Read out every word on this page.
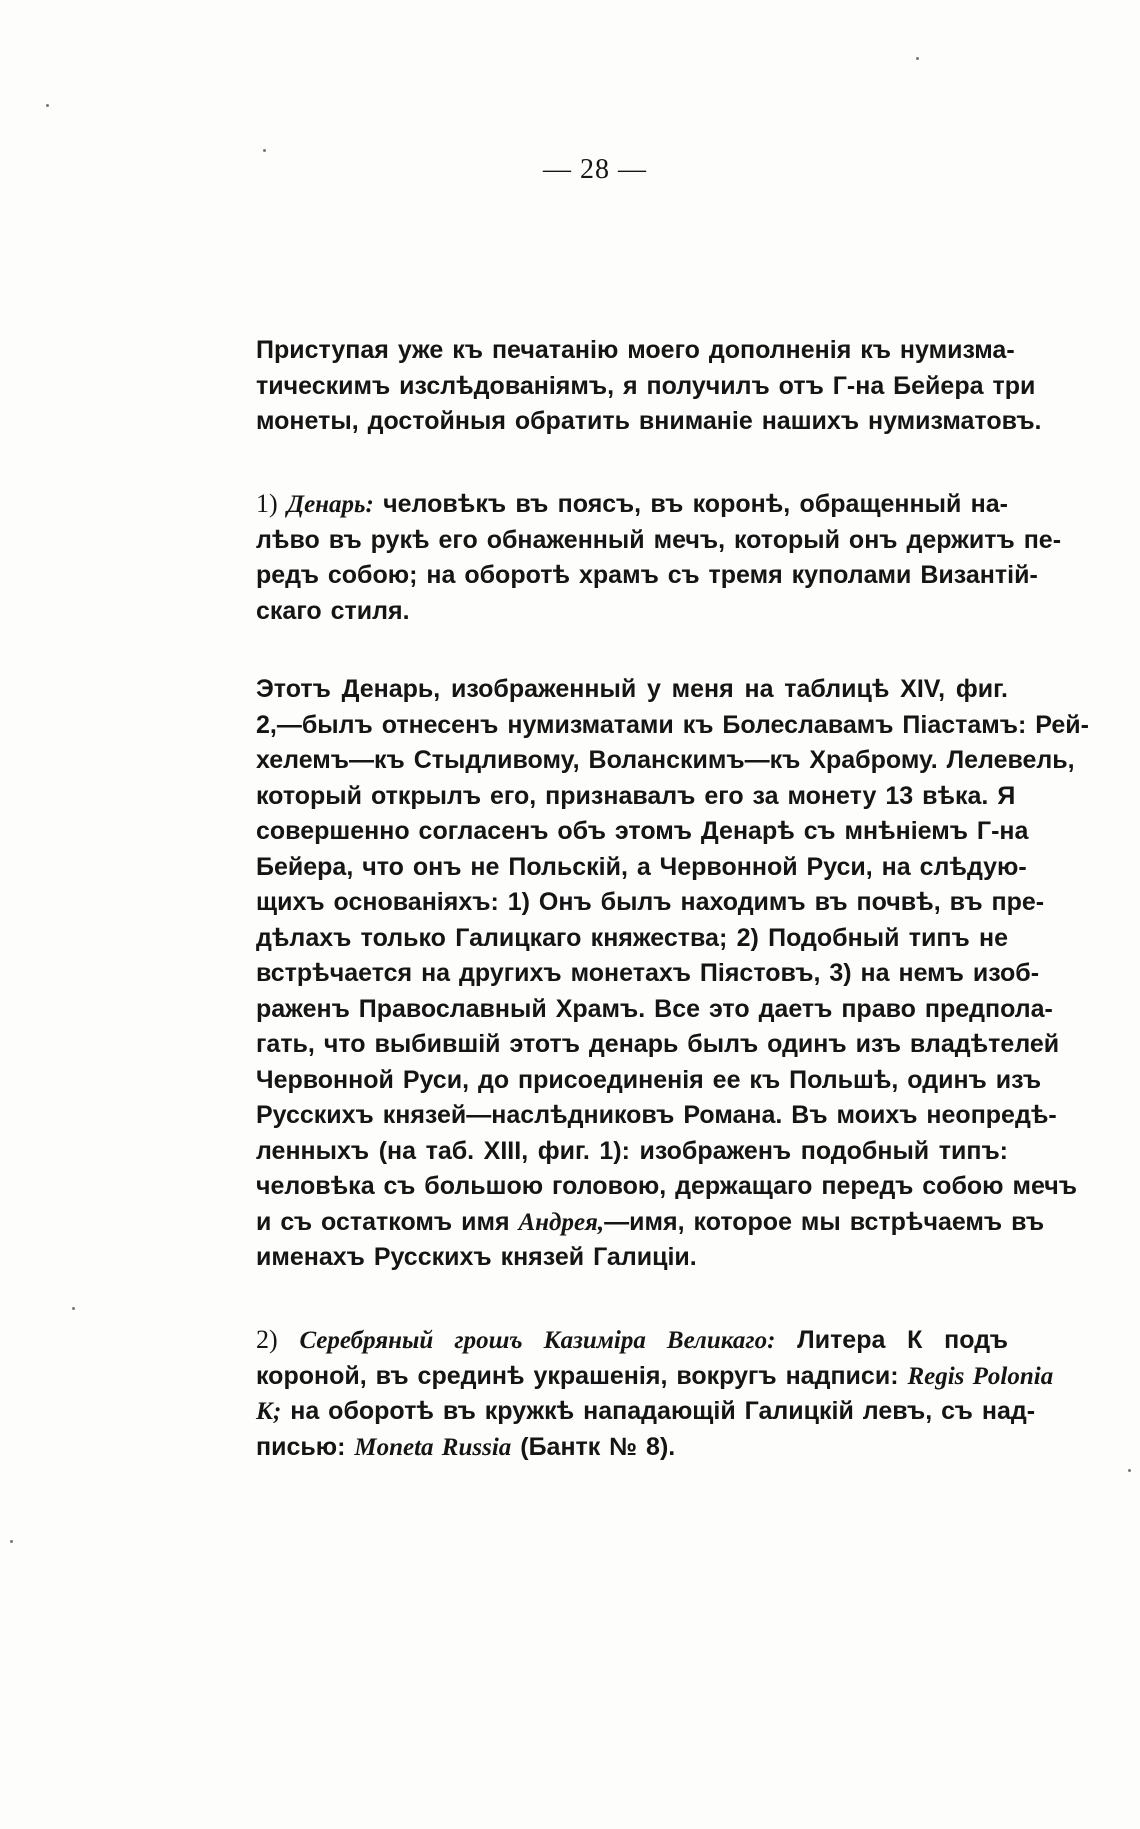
— 28 —

Приступая уже къ печатанію моего дополненія къ нумизма-
тическимъ изслѣдованіямъ, я получилъ отъ Г-на Бейера три
монеты, достойныя обратить вниманіе нашихъ нумизматовъ.

1) Денарь: человѣкъ въ поясъ, въ коронѣ, обращенный на-
лѣво въ рукѣ его обнаженный мечъ, который онъ держитъ пе-
редъ собою; на оборотѣ храмъ съ тремя куполами Византій-
скаго стиля.

Этотъ Денарь, изображенный у меня на таблицѣ XIV, фиг.
2,—былъ отнесенъ нумизматами къ Болеславамъ Піастамъ: Рей-
хелемъ—къ Стыдливому, Воланскимъ—къ Храброму. Лелевель,
который открылъ его, признавалъ его за монету 13 вѣка. Я
совершенно согласенъ объ этомъ Денарѣ съ мнѣніемъ Г-на
Бейера, что онъ не Польскій, а Червонной Руси, на слѣдую-
щихъ основаніяхъ: 1) Онъ былъ находимъ въ почвѣ, въ пре-
дѣлахъ только Галицкаго княжества; 2) Подобный типъ не
встрѣчается на другихъ монетахъ Піястовъ, 3) на немъ изоб-
раженъ Православный Храмъ. Все это даетъ право предпола-
гать, что выбившій этотъ денарь былъ одинъ изъ владѣтелей
Червонной Руси, до присоединенія ее къ Польшѣ, одинъ изъ
Русскихъ князей—наслѣдниковъ Романа. Въ моихъ неопредѣ-
ленныхъ (на таб. XIII, фиг. 1): изображенъ подобный типъ:
человѣка съ большою головою, держащаго передъ собою мечъ
и съ остаткомъ имя Андрея,—имя, которое мы встрѣчаемъ въ
именахъ Русскихъ князей Галиціи.

2) Серебряный грошъ Казиміра Великаго: Литера К подъ
короной, въ срединѣ украшенія, вокругъ надписи: Regis Polonia
К; на оборотѣ въ кружкѣ нападающій Галицкій левъ, съ над-
писью: Moneta Russia (Бантк № 8).
